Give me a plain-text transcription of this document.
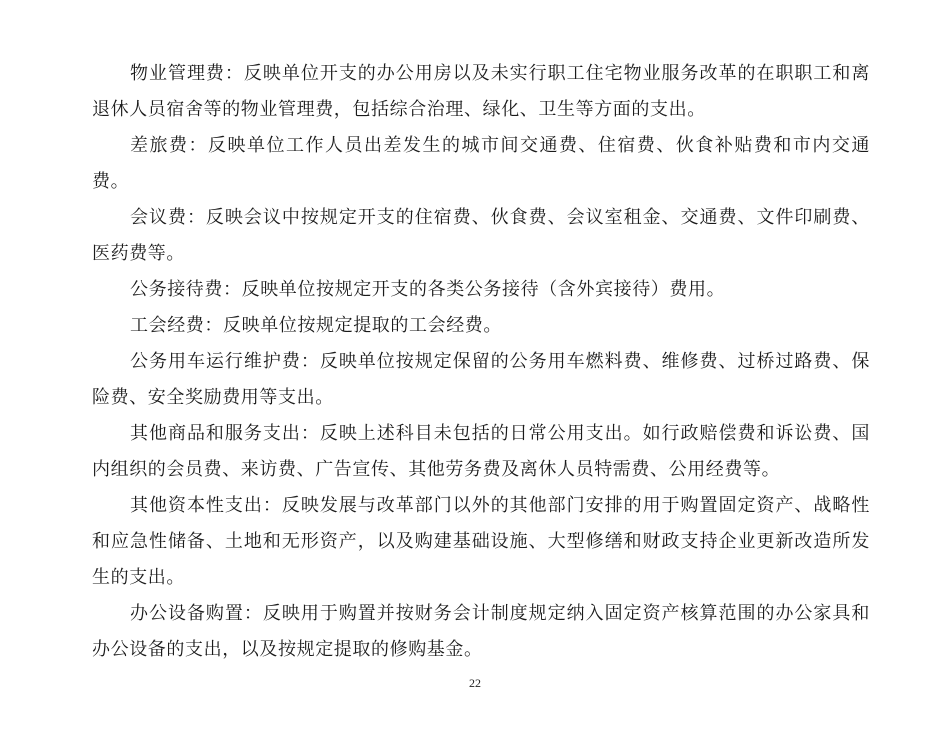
物业管理费：反映单位开支的办公用房以及未实行职工住宅物业服务改革的在职职工和离退休人员宿舍等的物业管理费，包括综合治理、绿化、卫生等方面的支出。

差旅费：反映单位工作人员出差发生的城市间交通费、住宿费、伙食补贴费和市内交通费。

会议费：反映会议中按规定开支的住宿费、伙食费、会议室租金、交通费、文件印刷费、医药费等。

公务接待费：反映单位按规定开支的各类公务接待（含外宾接待）费用。

工会经费：反映单位按规定提取的工会经费。

公务用车运行维护费：反映单位按规定保留的公务用车燃料费、维修费、过桥过路费、保险费、安全奖励费用等支出。

其他商品和服务支出：反映上述科目未包括的日常公用支出。如行政赔偿费和诉讼费、国内组织的会员费、来访费、广告宣传、其他劳务费及离休人员特需费、公用经费等。

其他资本性支出：反映发展与改革部门以外的其他部门安排的用于购置固定资产、战略性和应急性储备、土地和无形资产，以及购建基础设施、大型修缮和财政支持企业更新改造所发生的支出。

办公设备购置：反映用于购置并按财务会计制度规定纳入固定资产核算范围的办公家具和办公设备的支出，以及按规定提取的修购基金。

22
